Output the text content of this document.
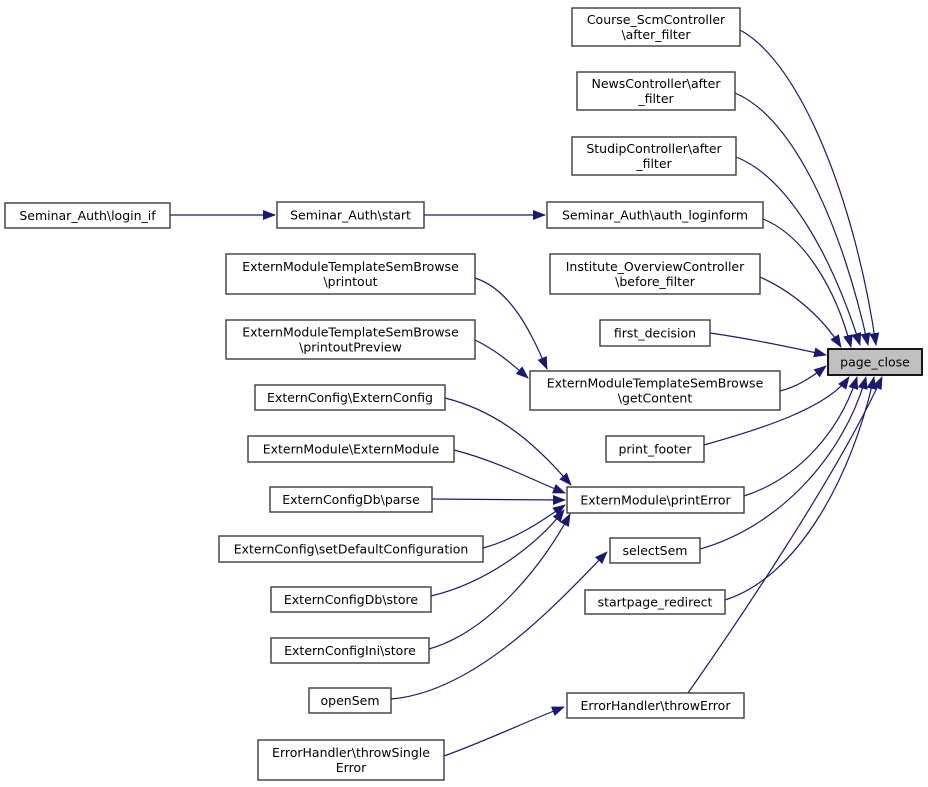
Course_ScmController \after_filter
NewsController\after _filter
StudipController\after _filter
Seminar_Auth\login_if	Seminar_Auth\start	Seminar_Auth\auth_loginform
ExternModuleTemplateSemBrowse \printout
Institute_OverviewController \before_filter
ExternModuleTemplateSemBrowse \printoutPreview
first_decision
ExternModuleTemplateSemBrowse \getContent
page_close
ExternConfig\ExternConfig
ExternModule\ExternModule	print_footer
ExternConfigDb\parse	ExternModule\printError
ExternConfig\setDefaultConfiguration	selectSem
ExternConfigDb\store	startpage_redirect
ExternConfigIni\store
openSem	ErrorHandler\throwError
ErrorHandler\throwSingle Error
